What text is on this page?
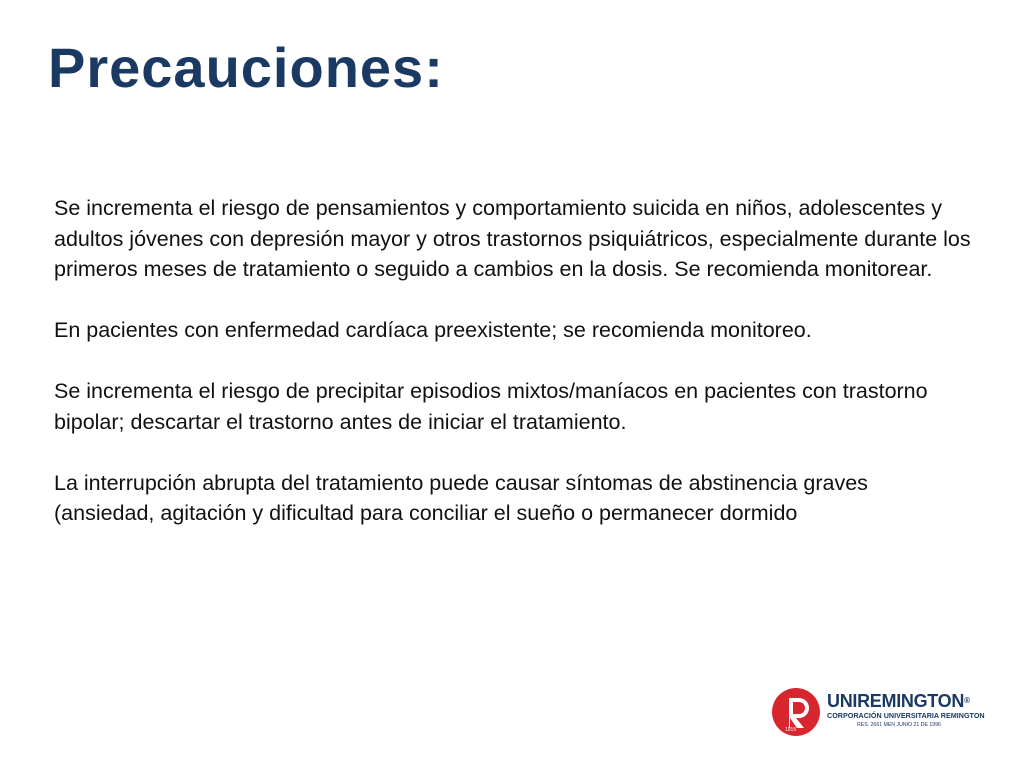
Precauciones:

Se incrementa el riesgo de pensamientos y comportamiento suicida en niños, adolescentes y adultos jóvenes con depresión mayor y otros trastornos psiquiátricos, especialmente durante los primeros meses de tratamiento o seguido a cambios en la dosis. Se recomienda monitorear.

En pacientes con enfermedad cardíaca preexistente; se recomienda monitoreo.

Se incrementa el riesgo de precipitar episodios mixtos/maníacos en pacientes con trastorno bipolar; descartar el trastorno antes de iniciar el tratamiento.

La interrupción abrupta del tratamiento puede causar síntomas de abstinencia graves (ansiedad, agitación y dificultad para conciliar el sueño o permanecer dormido

1915
UNIREMINGTON®
CORPORACIÓN UNIVERSITARIA REMINGTON
RES. 2661 MEN JUNIO 21 DE 1996
